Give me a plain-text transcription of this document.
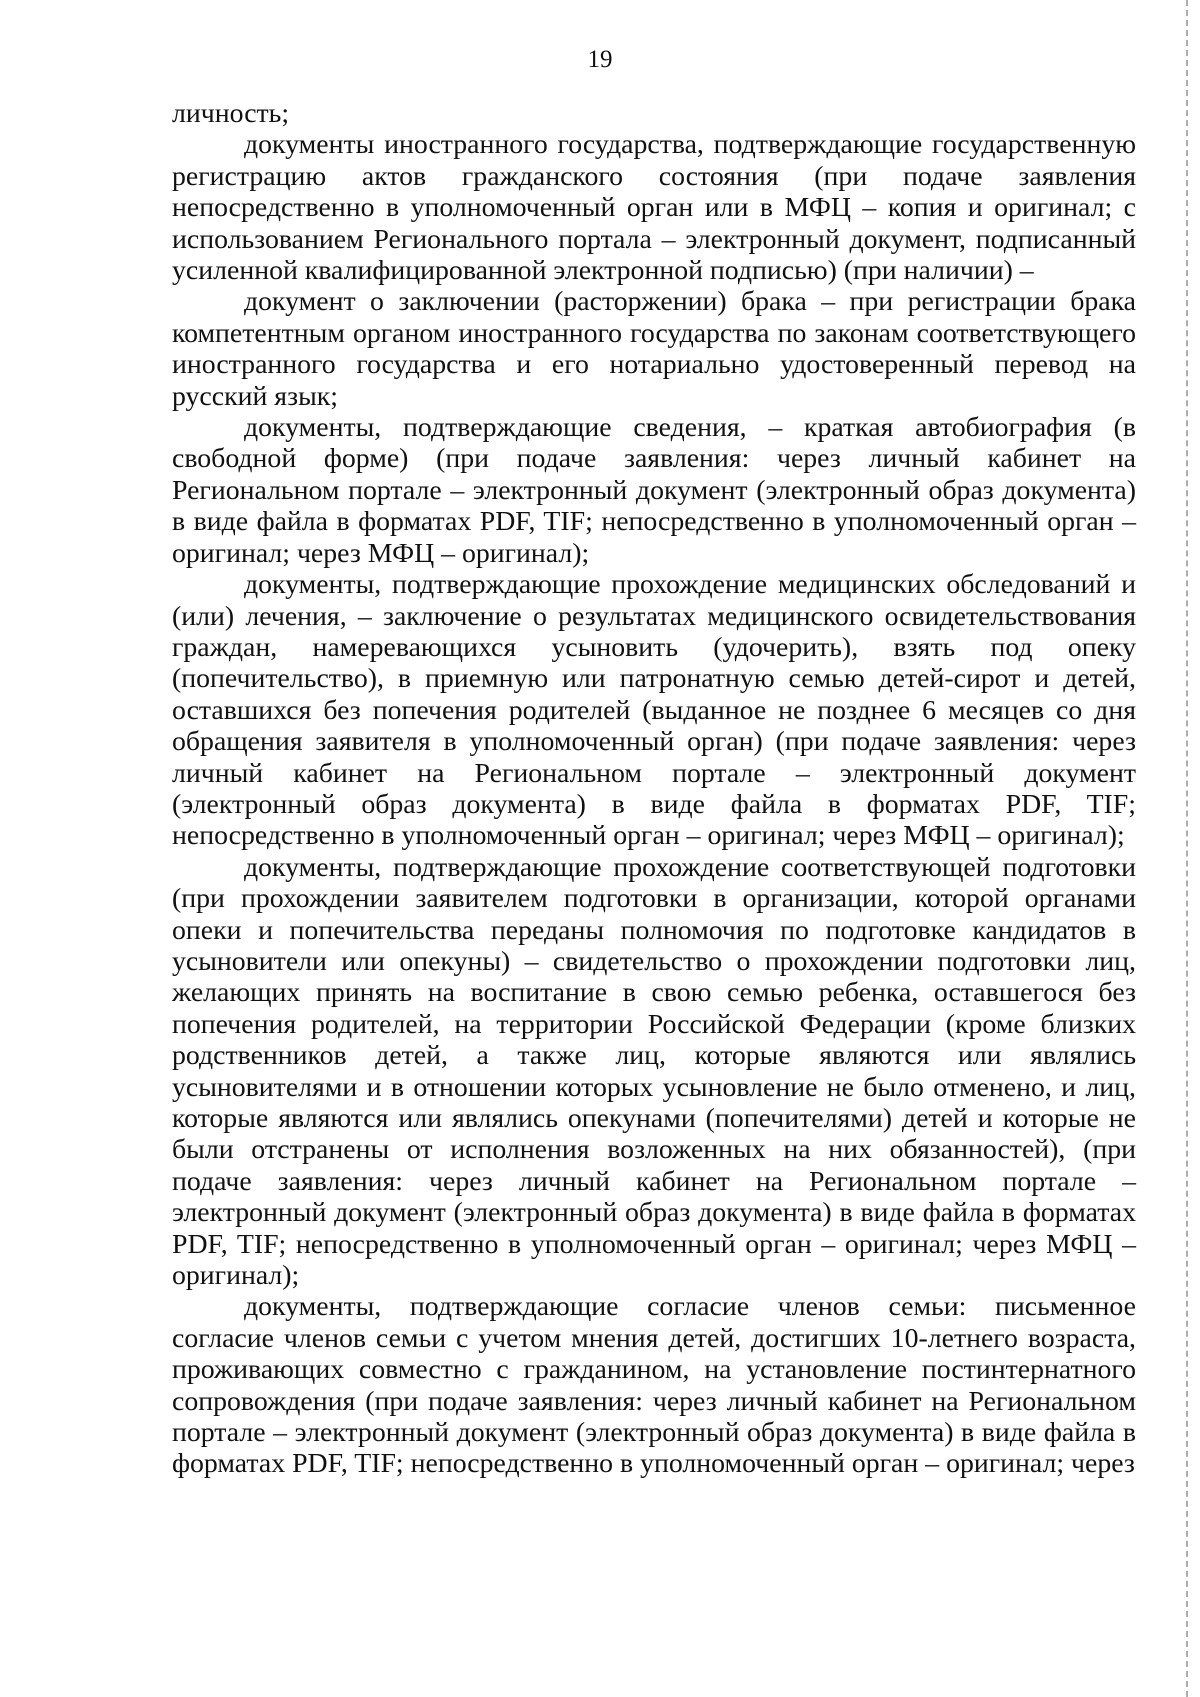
19

личность;

документы иностранного государства, подтверждающие государственную регистрацию актов гражданского состояния (при подаче заявления непосредственно в уполномоченный орган или в МФЦ – копия и оригинал; с использованием Регионального портала – электронный документ, подписанный усиленной квалифицированной электронной подписью) (при наличии) –

документ о заключении (расторжении) брака – при регистрации брака компетентным органом иностранного государства по законам соответствующего иностранного государства и его нотариально удостоверенный перевод на русский язык;

документы, подтверждающие сведения, – краткая автобиография (в свободной форме) (при подаче заявления: через личный кабинет на Региональном портале – электронный документ (электронный образ документа) в виде файла в форматах PDF, TIF; непосредственно в уполномоченный орган – оригинал; через МФЦ – оригинал);

документы, подтверждающие прохождение медицинских обследований и (или) лечения, – заключение о результатах медицинского освидетельствования граждан, намеревающихся усыновить (удочерить), взять под опеку (попечительство), в приемную или патронатную семью детей-сирот и детей, оставшихся без попечения родителей (выданное не позднее 6 месяцев со дня обращения заявителя в уполномоченный орган) (при подаче заявления: через личный кабинет на Региональном портале – электронный документ (электронный образ документа) в виде файла в форматах PDF, TIF; непосредственно в уполномоченный орган – оригинал; через МФЦ – оригинал);

документы, подтверждающие прохождение соответствующей подготовки (при прохождении заявителем подготовки в организации, которой органами опеки и попечительства переданы полномочия по подготовке кандидатов в усыновители или опекуны) – свидетельство о прохождении подготовки лиц, желающих принять на воспитание в свою семью ребенка, оставшегося без попечения родителей, на территории Российской Федерации (кроме близких родственников детей, а также лиц, которые являются или являлись усыновителями и в отношении которых усыновление не было отменено, и лиц, которые являются или являлись опекунами (попечителями) детей и которые не были отстранены от исполнения возложенных на них обязанностей), (при подаче заявления: через личный кабинет на Региональном портале – электронный документ (электронный образ документа) в виде файла в форматах PDF, TIF; непосредственно в уполномоченный орган – оригинал; через МФЦ – оригинал);

документы, подтверждающие согласие членов семьи: письменное согласие членов семьи с учетом мнения детей, достигших 10-летнего возраста, проживающих совместно с гражданином, на установление постинтернатного сопровождения (при подаче заявления: через личный кабинет на Региональном портале – электронный документ (электронный образ документа) в виде файла в форматах PDF, TIF; непосредственно в уполномоченный орган – оригинал; через
